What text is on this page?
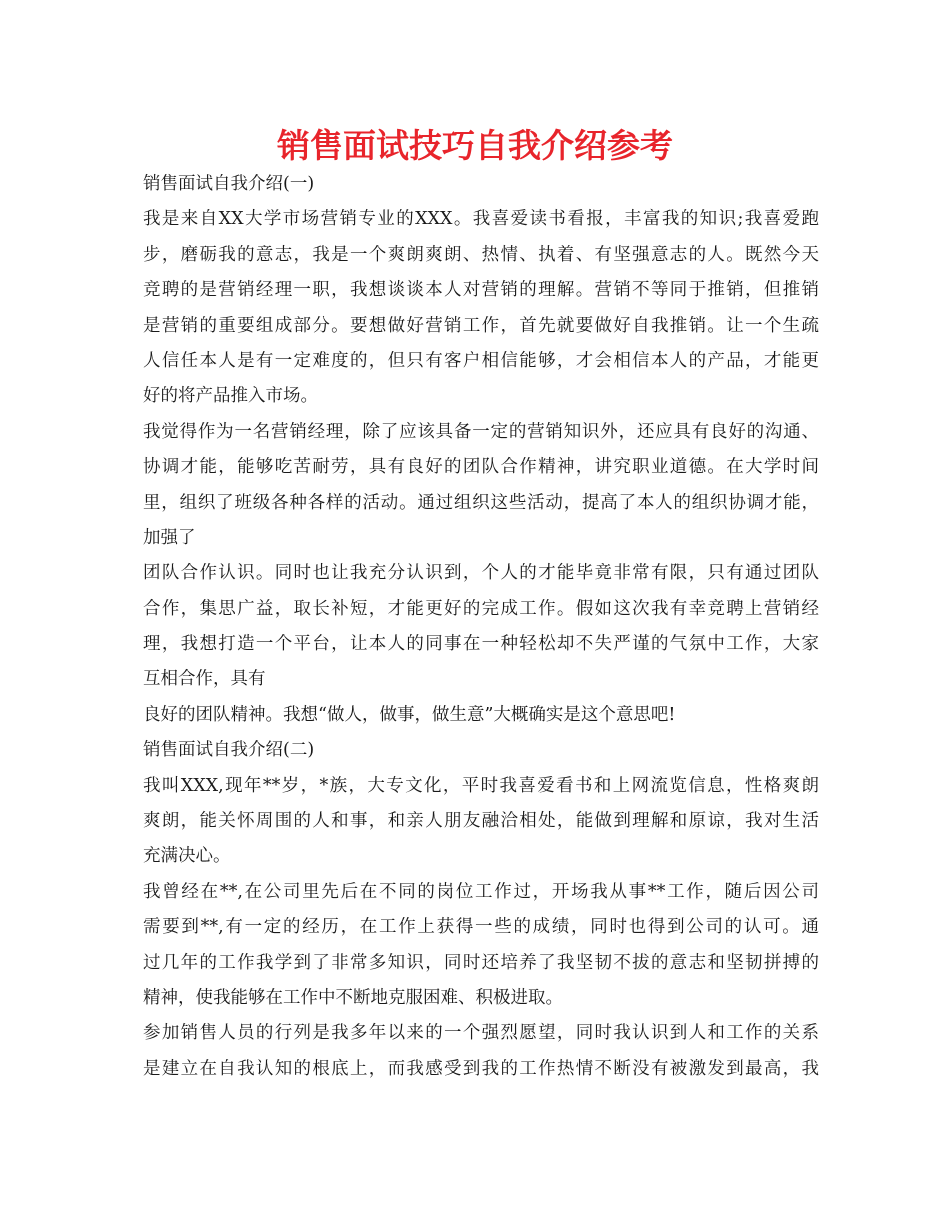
销售面试技巧自我介绍参考
销售面试自我介绍(一)
我是来自XX大学市场营销专业的XXX。我喜爱读书看报，丰富我的知识;我喜爱跑
步，磨砺我的意志，我是一个爽朗爽朗、热情、执着、有坚强意志的人。既然今天
竞聘的是营销经理一职，我想谈谈本人对营销的理解。营销不等同于推销，但推销
是营销的重要组成部分。要想做好营销工作，首先就要做好自我推销。让一个生疏
人信任本人是有一定难度的，但只有客户相信能够，才会相信本人的产品，才能更
好的将产品推入市场。
我觉得作为一名营销经理，除了应该具备一定的营销知识外，还应具有良好的沟通、
协调才能，能够吃苦耐劳，具有良好的团队合作精神，讲究职业道德。在大学时间
里，组织了班级各种各样的活动。通过组织这些活动，提高了本人的组织协调才能，
加强了
团队合作认识。同时也让我充分认识到，个人的才能毕竟非常有限，只有通过团队
合作，集思广益，取长补短，才能更好的完成工作。假如这次我有幸竞聘上营销经
理，我想打造一个平台，让本人的同事在一种轻松却不失严谨的气氛中工作，大家
互相合作，具有
良好的团队精神。我想“做人，做事，做生意”大概确实是这个意思吧!
销售面试自我介绍(二)
我叫XXX,现年**岁，*族，大专文化，平时我喜爱看书和上网流览信息，性格爽朗
爽朗，能关怀周围的人和事，和亲人朋友融洽相处，能做到理解和原谅，我对生活
充满决心。
我曾经在**,在公司里先后在不同的岗位工作过，开场我从事**工作，随后因公司
需要到**,有一定的经历，在工作上获得一些的成绩，同时也得到公司的认可。通
过几年的工作我学到了非常多知识，同时还培养了我坚韧不拔的意志和坚韧拼搏的
精神，使我能够在工作中不断地克服困难、积极进取。
参加销售人员的行列是我多年以来的一个强烈愿望，同时我认识到人和工作的关系
是建立在自我认知的根底上，而我感受到我的工作热情不断没有被激发到最高，我
